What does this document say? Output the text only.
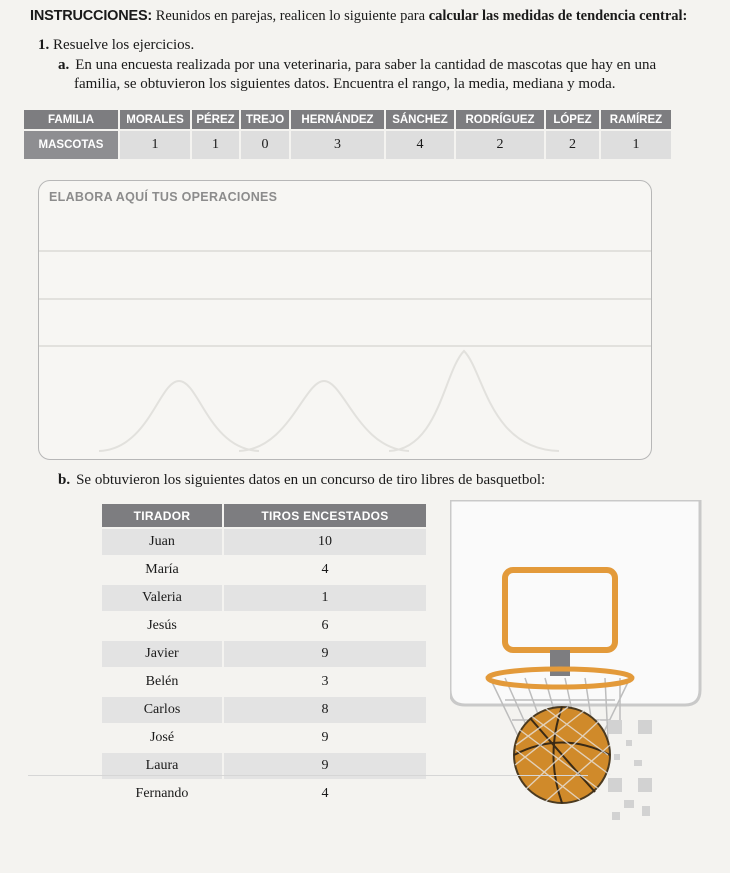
INSTRUCCIONES: Reunidos en parejas, realicen lo siguiente para calcular las medidas de tendencia central:
1. Resuelve los ejercicios.
a. En una encuesta realizada por una veterinaria, para saber la cantidad de mascotas que hay en una
familia, se obtuvieron los siguientes datos. Encuentra el rango, la media, mediana y moda.
FAMILIA	MORALES	PÉREZ	TREJO	HERNÁNDEZ	SÁNCHEZ	RODRÍGUEZ	LÓPEZ	RAMÍREZ
MASCOTAS	1	1	0	3	4	2	2	1
ELABORA AQUÍ TUS OPERACIONES
b. Se obtuvieron los siguientes datos en un concurso de tiro libres de basquetbol:
TIRADOR	TIROS ENCESTADOS
Juan	10
María	4
Valeria	1
Jesús	6
Javier	9
Belén	3
Carlos	8
José	9
Laura	9
Fernando	4
